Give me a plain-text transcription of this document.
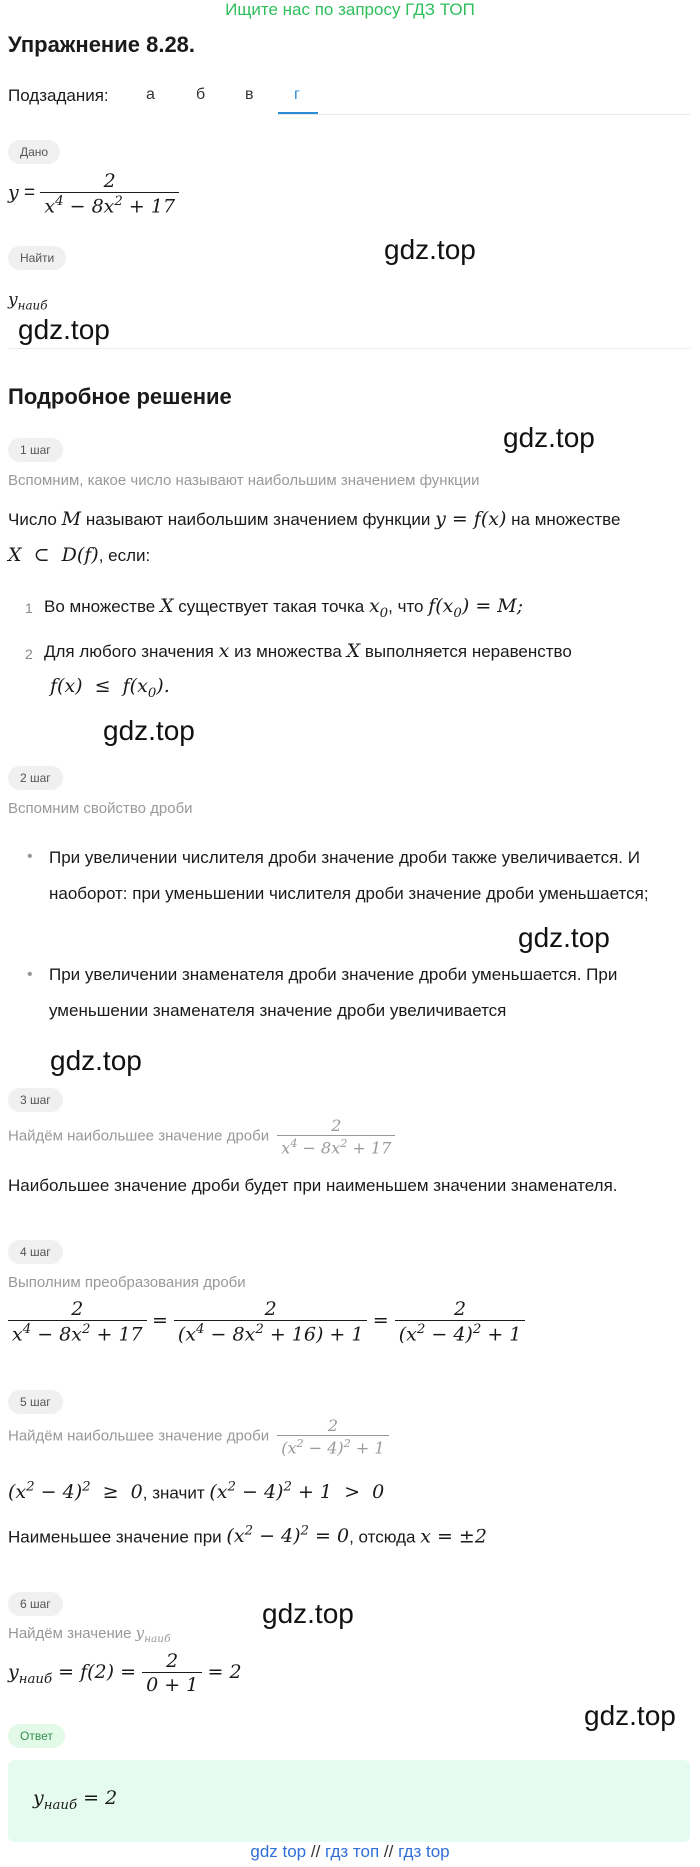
Ищите нас по запросу ГДЗ ТОП
Упражнение 8.28.
Подзадания: а	б в	г
Дано
$y = \frac{2}{x^4 - 8x^2 + 17}$
Найти	gdz.top
$y_{наиб}$
gdz.top
Подробное решение
gdz.top
1 шаг
Вспомним, какое число называют наибольшим значением функции
Число M называют наибольшим значением функции y = f(x) на множестве
X  ⊂  D(f), если:
1 Во множестве X существует такая точка $x_0$, что $f(x_0) = M$;
2 Для любого значения x из множества X выполняется неравенство
$f(x) \le f(x_0)$.
gdz.top
2 шаг
Вспомним свойство дроби
• При увеличении числителя дроби значение дроби также увеличивается. И наоборот: при уменьшении числителя дроби значение дроби уменьшается;
gdz.top
• При увеличении знаменателя дроби значение дроби уменьшается. При уменьшении знаменателя значение дроби увеличивается
gdz.top
3 шаг
Найдём наибольшее значение дроби $\frac{2}{x^4 - 8x^2 + 17}$
Наибольшее значение дроби будет при наименьшем значении знаменателя.
4 шаг
Выполним преобразования дроби
$\frac{2}{x^4 - 8x^2 + 17} = \frac{2}{(x^4 - 8x^2 + 16) + 1} = \frac{2}{(x^2 - 4)^2 + 1}$
5 шаг
Найдём наибольшее значение дроби $\frac{2}{(x^2 - 4)^2 + 1}$
$(x^2 - 4)^2 \ge 0$, значит $(x^2 - 4)^2 + 1 > 0$
Наименьшее значение при $(x^2 - 4)^2 = 0$, отсюда x = ±2
6 шаг	gdz.top
Найдём значение $y_{наиб}$
$y_{наиб} = f(2) = \frac{2}{0 + 1} = 2$
gdz.top
Ответ
$y_{наиб} = 2$
gdz top // гдз топ // гдз top
